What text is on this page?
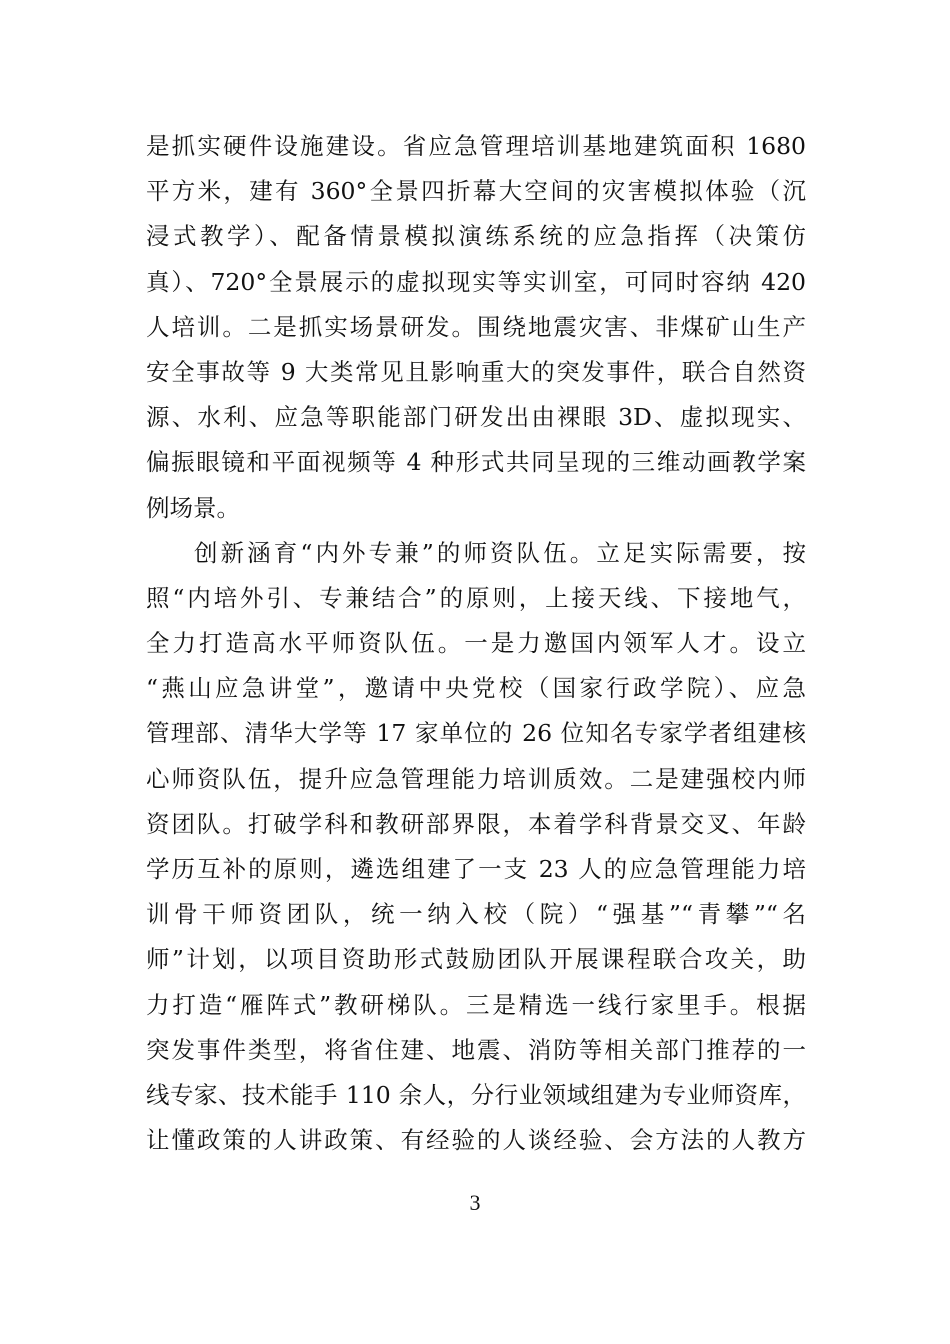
是抓实硬件设施建设。省应急管理培训基地建筑面积 1680
平方米，建有 360°全景四折幕大空间的灾害模拟体验（沉
浸式教学）、配备情景模拟演练系统的应急指挥（决策仿
真）、720°全景展示的虚拟现实等实训室，可同时容纳 420
人培训。二是抓实场景研发。围绕地震灾害、非煤矿山生产
安全事故等 9 大类常见且影响重大的突发事件，联合自然资
源、水利、应急等职能部门研发出由裸眼 3D、虚拟现实、
偏振眼镜和平面视频等 4 种形式共同呈现的三维动画教学案
例场景。
创新涵育“内外专兼”的师资队伍。立足实际需要，按
照“内培外引、专兼结合”的原则，上接天线、下接地气，
全力打造高水平师资队伍。一是力邀国内领军人才。设立
“燕山应急讲堂”，邀请中央党校（国家行政学院）、应急
管理部、清华大学等 17 家单位的 26 位知名专家学者组建核
心师资队伍，提升应急管理能力培训质效。二是建强校内师
资团队。打破学科和教研部界限，本着学科背景交叉、年龄
学历互补的原则，遴选组建了一支 23 人的应急管理能力培
训骨干师资团队，统一纳入校（院）“强基”“青攀”“名
师”计划，以项目资助形式鼓励团队开展课程联合攻关，助
力打造“雁阵式”教研梯队。三是精选一线行家里手。根据
突发事件类型，将省住建、地震、消防等相关部门推荐的一
线专家、技术能手 110 余人，分行业领域组建为专业师资库，
让懂政策的人讲政策、有经验的人谈经验、会方法的人教方
3
